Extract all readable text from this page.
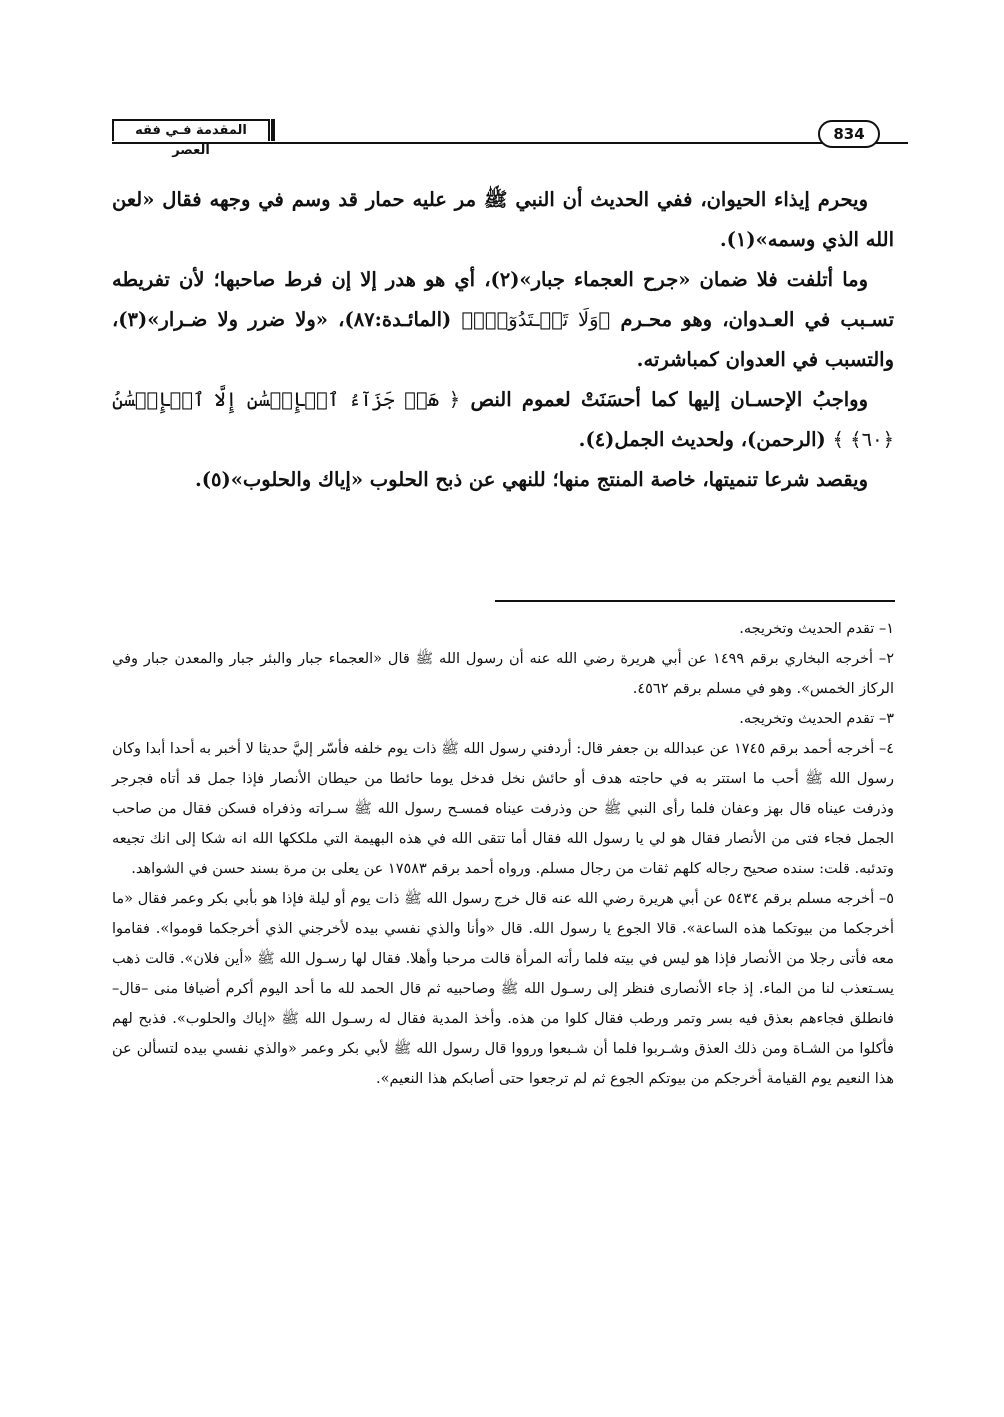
المقدمة فـي فقه العصر
834

ويحرم إيذاء الحيوان، ففي الحديث أن النبي ﷺ مر عليه حمار قد وسم في وجهه فقال «لعن الله الذي وسمه»(١).

وما أتلفت فلا ضمان «جرح العجماء جبار»(٢)، أي هو هدر إلا إن فرط صاحبها؛ لأن تفريطه تسـبب في العـدوان، وهو محـرم ﴿وَلَا تَعۡـتَدُوٓاْۚ﴾ (المائـدة:٨٧)، «ولا ضرر ولا ضـرار»(٣)، والتسبب في العدوان كمباشرته.

وواجبُ الإحسـان إليها كما أحسَنَتْ لعموم النص ﴿ هَلۡ جَزَآءُ ٱلۡإِحۡسَٰنِ إِلَّا ٱلۡإِحۡسَٰنُ ﴿٦٠﴾ ﴾ (الرحمن)، ولحديث الجمل(٤).

ويقصد شرعا تنميتها، خاصة المنتج منها؛ للنهي عن ذبح الحلوب «إياك والحلوب»(٥).

١– تقدم الحديث وتخريجه.

٢– أخرجه البخاري برقم ١٤٩٩ عن أبي هريرة رضي الله عنه أن رسول الله ﷺ قال «العجماء جبار والبئر جبار والمعدن جبار وفي الركاز الخمس». وهو في مسلم برقم ٤٥٦٢.

٣– تقدم الحديث وتخريجه.

٤– أخرجه أحمد برقم ١٧٤٥ عن عبدالله بن جعفر قال: أردفني رسول الله ﷺ ذات يوم خلفه فأسّر إليَّ حديثا لا أخبر به أحدا أبدا وكان رسول الله ﷺ أحب ما استتر به في حاجته هدف أو حائش نخل فدخل يوما حائطا من حيطان الأنصار فإذا جمل قد أتاه فجرجر وذرفت عيناه قال بهز وعفان فلما رأى النبي ﷺ حن وذرفت عيناه فمسـح رسول الله ﷺ سـراته وذفراه فسكن فقال من صاحب الجمل فجاء فتى من الأنصار فقال هو لي يا رسول الله فقال أما تتقى الله في هذه البهيمة التي ملككها الله انه شكا إلى انك تجيعه وتدئبه. قلت: سنده صحيح رجاله كلهم ثقات من رجال مسلم. ورواه أحمد برقم ١٧٥٨٣ عن يعلى بن مرة بسند حسن في الشواهد.

٥– أخرجه مسلم برقم ٥٤٣٤ عن أبي هريرة رضي الله عنه قال خرج رسول الله ﷺ ذات يوم أو ليلة فإذا هو بأبي بكر وعمر فقال «ما أخرجكما من بيوتكما هذه الساعة». قالا الجوع يا رسول الله. قال «وأنا والذي نفسي بيده لأخرجني الذي أخرجكما قوموا». فقاموا معه فأتى رجلا من الأنصار فإذا هو ليس في بيته فلما رأته المرأة قالت مرحبا وأهلا. فقال لها رسـول الله ﷺ «أين فلان». قالت ذهب يسـتعذب لنا من الماء. إذ جاء الأنصارى فنظر إلى رسـول الله ﷺ وصاحبيه ثم قال الحمد لله ما أحد اليوم أكرم أضيافا منى –قال– فانطلق فجاءهم بعذق فيه بسر وتمر ورطب فقال كلوا من هذه. وأخذ المدية فقال له رسـول الله ﷺ «إياك والحلوب». فذبح لهم فأكلوا من الشـاة ومن ذلك العذق وشـربوا فلما أن شـبعوا ورووا قال رسول الله ﷺ لأبي بكر وعمر «والذي نفسي بيده لتسألن عن هذا النعيم يوم القيامة أخرجكم من بيوتكم الجوع ثم لم ترجعوا حتى أصابكم هذا النعيم».
